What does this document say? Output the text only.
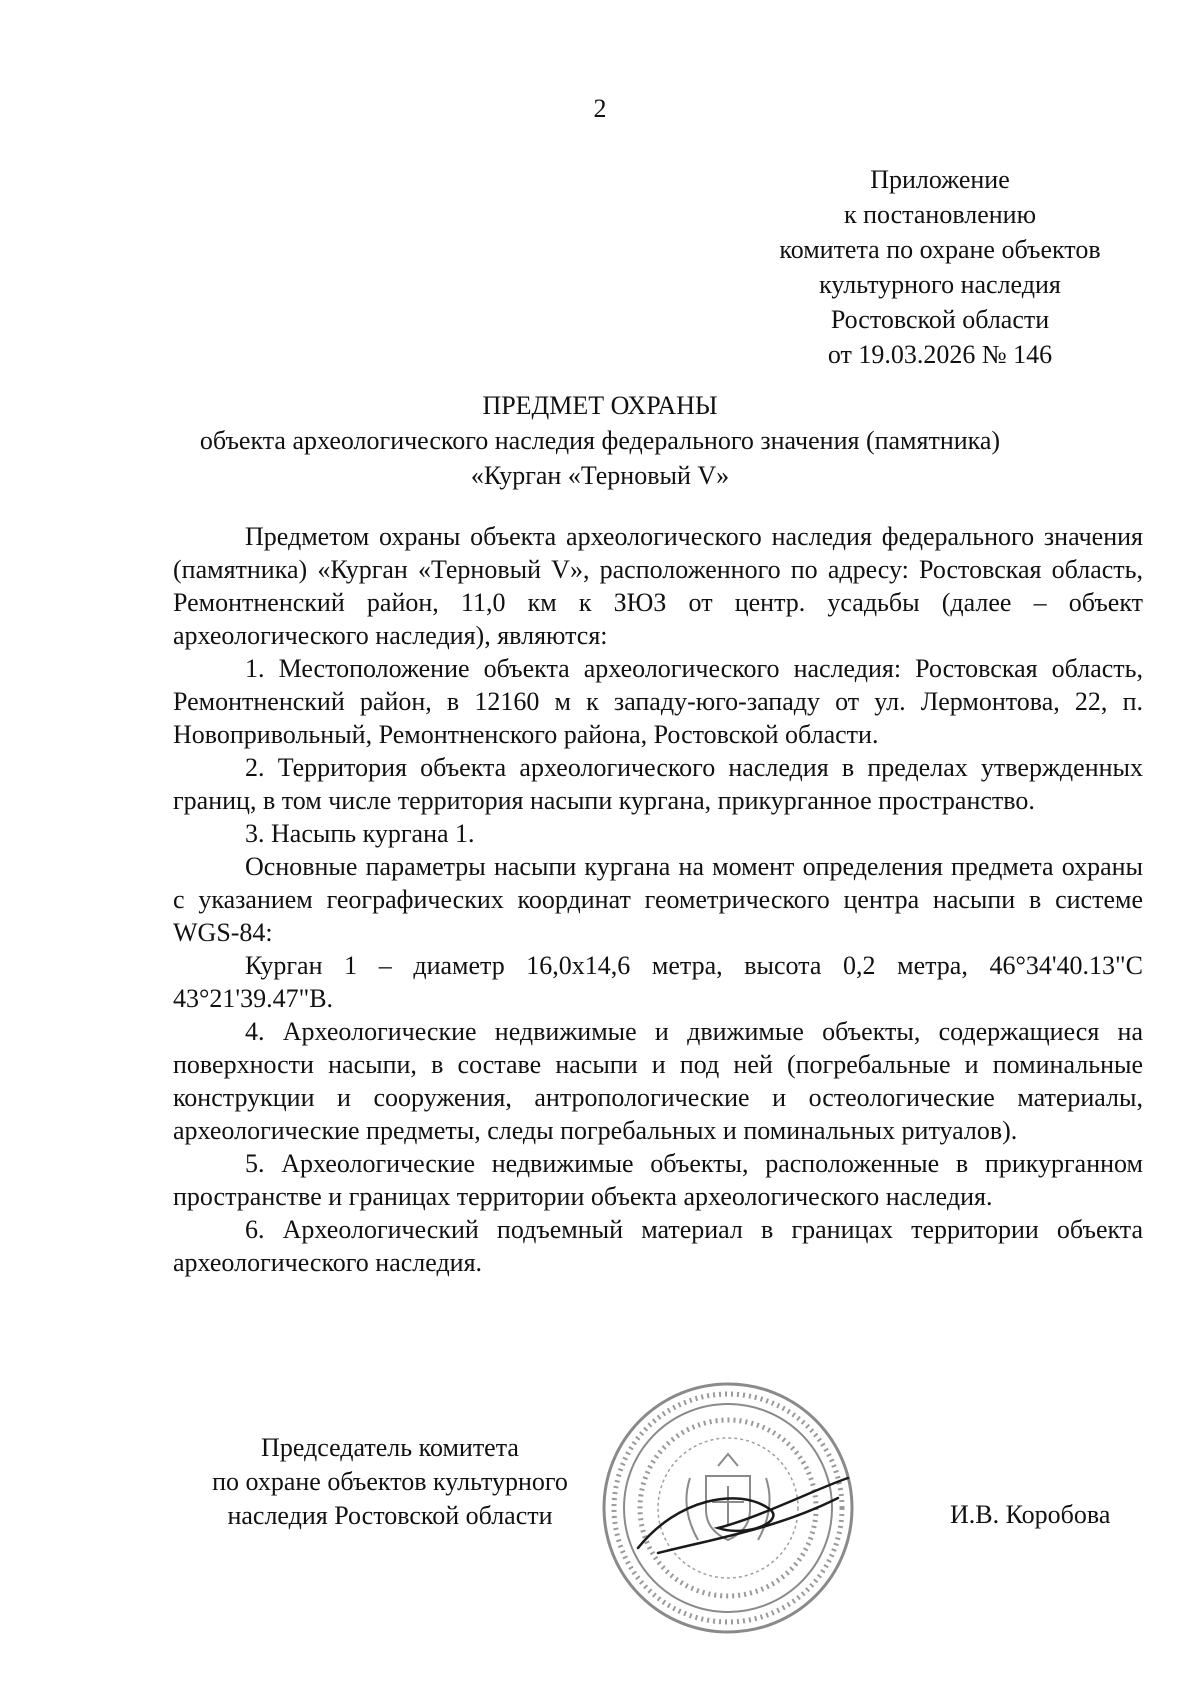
2
Приложение
к постановлению
комитета по охране объектов
культурного наследия
Ростовской области
от 19.03.2026 № 146
ПРЕДМЕТ ОХРАНЫ
объекта археологического наследия федерального значения (памятника)
«Курган «Терновый V»

Предметом охраны объекта археологического наследия федерального значения (памятника) «Курган «Терновый V», расположенного по адресу: Ростовская область, Ремонтненский район, 11,0 км к ЗЮЗ от центр. усадьбы (далее – объект археологического наследия), являются:

1. Местоположение объекта археологического наследия: Ростовская область, Ремонтненский район, в 12160 м к западу-юго-западу от ул. Лермонтова, 22, п. Новопривольный, Ремонтненского района, Ростовской области.

2. Территория объекта археологического наследия в пределах утвержденных границ, в том числе территория насыпи кургана, прикурганное пространство.

3. Насыпь кургана 1.

Основные параметры насыпи кургана на момент определения предмета охраны с указанием географических координат геометрического центра насыпи в системе WGS-84:

Курган 1 – диаметр 16,0х14,6 метра, высота 0,2 метра, 46°34'40.13"С 43°21'39.47"В.

4. Археологические недвижимые и движимые объекты, содержащиеся на поверхности насыпи, в составе насыпи и под ней (погребальные и поминальные конструкции и сооружения, антропологические и остеологические материалы, археологические предметы, следы погребальных и поминальных ритуалов).

5. Археологические недвижимые объекты, расположенные в прикурганном пространстве и границах территории объекта археологического наследия.

6. Археологический подъемный материал в границах территории объекта археологического наследия.

Председатель комитета
по охране объектов культурного
наследия Ростовской области	И.В. Коробова
